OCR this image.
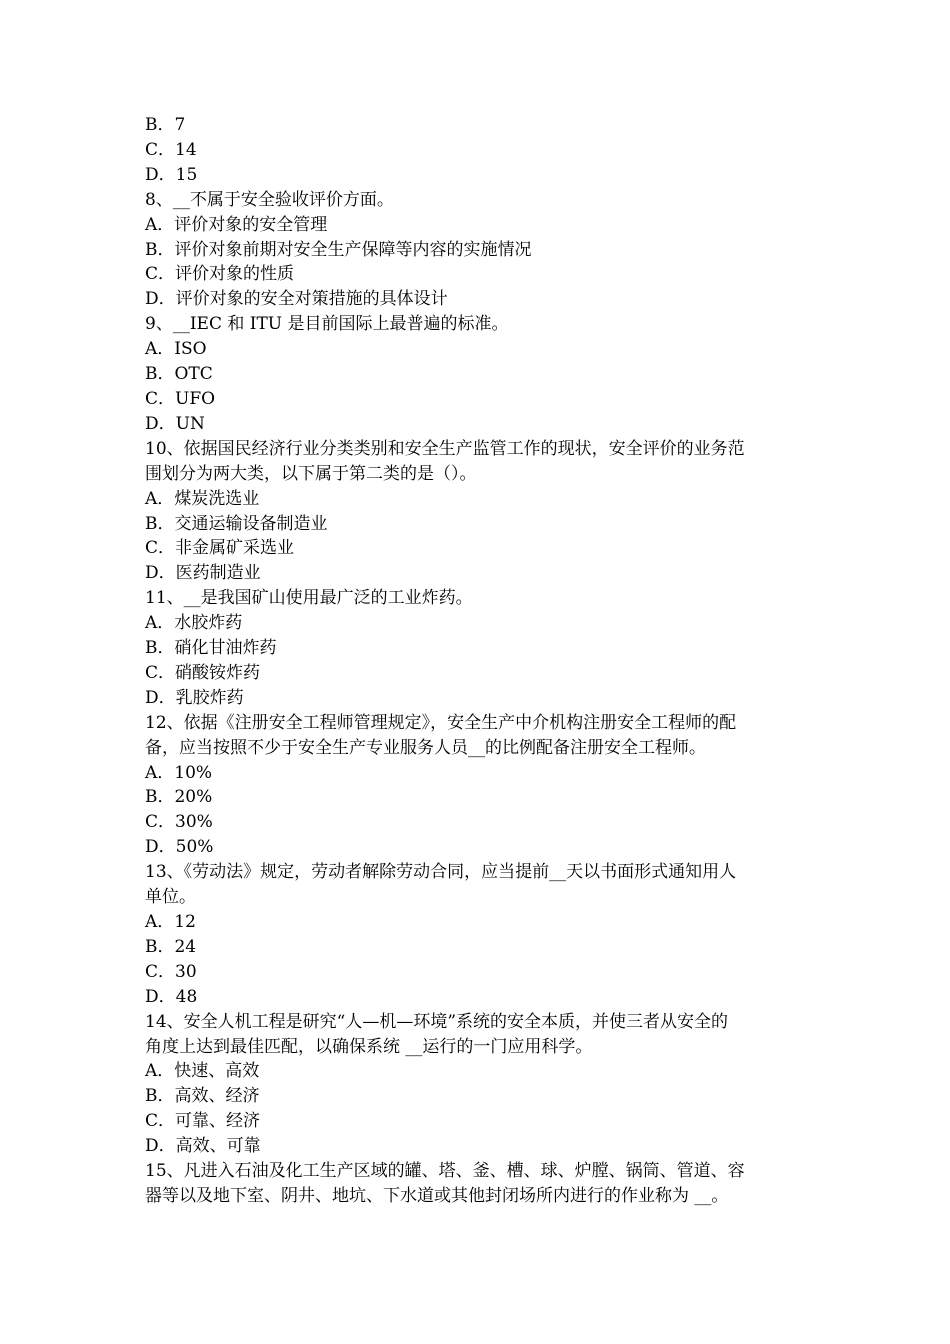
B．7
C．14
D．15
8、__不属于安全验收评价方面。
A．评价对象的安全管理
B．评价对象前期对安全生产保障等内容的实施情况
C．评价对象的性质
D．评价对象的安全对策措施的具体设计
9、__IEC 和 ITU 是目前国际上最普遍的标准。
A．ISO
B．OTC
C．UFO
D．UN
10、依据国民经济行业分类类别和安全生产监管工作的现状，安全评价的业务范
围划分为两大类，以下属于第二类的是（）。
A．煤炭洗选业
B．交通运输设备制造业
C．非金属矿采选业
D．医药制造业
11、__是我国矿山使用最广泛的工业炸药。
A．水胶炸药
B．硝化甘油炸药
C．硝酸铵炸药
D．乳胶炸药
12、依据《注册安全工程师管理规定》，安全生产中介机构注册安全工程师的配
备，应当按照不少于安全生产专业服务人员__的比例配备注册安全工程师。
A．10%
B．20%
C．30%
D．50%
13、《劳动法》规定，劳动者解除劳动合同，应当提前__天以书面形式通知用人
单位。
A．12
B．24
C．30
D．48
14、安全人机工程是研究“人—机—环境”系统的安全本质，并使三者从安全的
角度上达到最佳匹配，以确保系统 __运行的一门应用科学。
A．快速、高效
B．高效、经济
C．可靠、经济
D．高效、可靠
15、凡进入石油及化工生产区域的罐、塔、釜、槽、球、炉膛、锅筒、管道、容
器等以及地下室、阴井、地坑、下水道或其他封闭场所内进行的作业称为 __。
